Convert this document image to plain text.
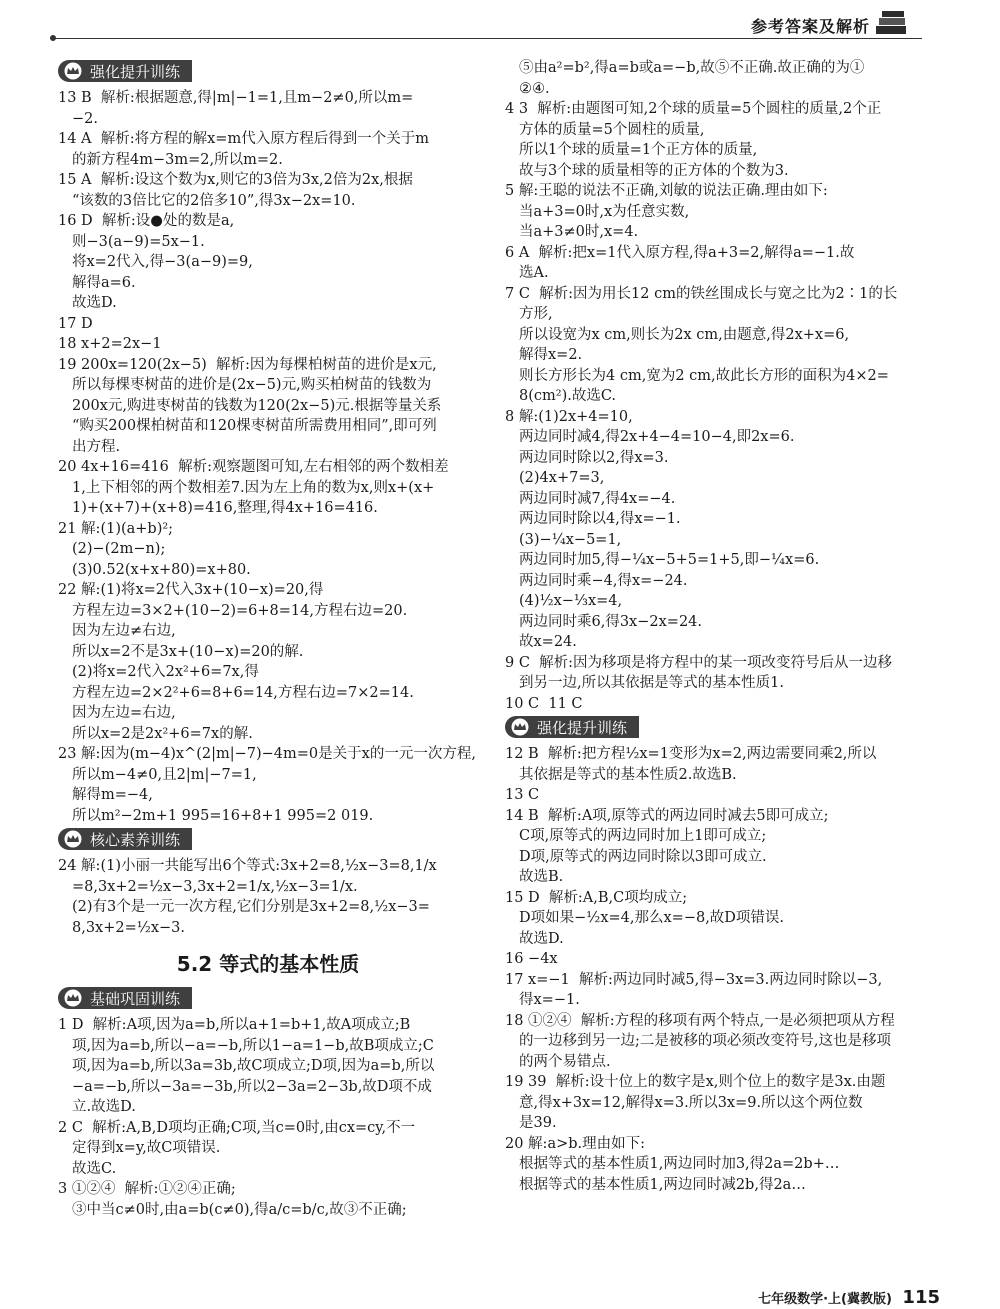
参考答案及解析
强化提升训练
13 B  解析:根据题意,得|m|−1=1,且m−2≠0,所以m=
−2.
14 A  解析:将方程的解x=m代入原方程后得到一个关于m
的新方程4m−3m=2,所以m=2.
15 A  解析:设这个数为x,则它的3倍为3x,2倍为2x,根据
“该数的3倍比它的2倍多10”,得3x−2x=10.
16 D  解析:设●处的数是a,
则−3(a−9)=5x−1.
将x=2代入,得−3(a−9)=9,
解得a=6.
故选D.
17 D
18 x+2=2x−1
19 200x=120(2x−5)  解析:因为每棵柏树苗的进价是x元,
所以每棵枣树苗的进价是(2x−5)元,购买柏树苗的钱数为
200x元,购进枣树苗的钱数为120(2x−5)元.根据等量关系
“购买200棵柏树苗和120棵枣树苗所需费用相同”,即可列
出方程.
20 4x+16=416  解析:观察题图可知,左右相邻的两个数相差
1,上下相邻的两个数相差7.因为左上角的数为x,则x+(x+
1)+(x+7)+(x+8)=416,整理,得4x+16=416.
21 解:(1)(a+b)²;
(2)−(2m−n);
(3)0.52(x+x+80)=x+80.
22 解:(1)将x=2代入3x+(10−x)=20,得
方程左边=3×2+(10−2)=6+8=14,方程右边=20.
因为左边≠右边,
所以x=2不是3x+(10−x)=20的解.
(2)将x=2代入2x²+6=7x,得
方程左边=2×2²+6=8+6=14,方程右边=7×2=14.
因为左边=右边,
所以x=2是2x²+6=7x的解.
23 解:因为(m−4)x^(2|m|−7)−4m=0是关于x的一元一次方程,
所以m−4≠0,且2|m|−7=1,
解得m=−4,
所以m²−2m+1 995=16+8+1 995=2 019.
核心素养训练
24 解:(1)小丽一共能写出6个等式:3x+2=8,½x−3=8,1/x
=8,3x+2=½x−3,3x+2=1/x,½x−3=1/x.
(2)有3个是一元一次方程,它们分别是3x+2=8,½x−3=
8,3x+2=½x−3.
5.2 等式的基本性质
基础巩固训练
1 D  解析:A项,因为a=b,所以a+1=b+1,故A项成立;B
项,因为a=b,所以−a=−b,所以1−a=1−b,故B项成立;C
项,因为a=b,所以3a=3b,故C项成立;D项,因为a=b,所以
−a=−b,所以−3a=−3b,所以2−3a=2−3b,故D项不成
立.故选D.
2 C  解析:A,B,D项均正确;C项,当c=0时,由cx=cy,不一
定得到x=y,故C项错误.
故选C.
3 ①②④  解析:①②④正确;
③中当c≠0时,由a=b(c≠0),得a/c=b/c,故③不正确;
⑤由a²=b²,得a=b或a=−b,故⑤不正确.故正确的为①
②④.
4 3  解析:由题图可知,2个球的质量=5个圆柱的质量,2个正
方体的质量=5个圆柱的质量,
所以1个球的质量=1个正方体的质量,
故与3个球的质量相等的正方体的个数为3.
5 解:王聪的说法不正确,刘敏的说法正确.理由如下:
当a+3=0时,x为任意实数,
当a+3≠0时,x=4.
6 A  解析:把x=1代入原方程,得a+3=2,解得a=−1.故
选A.
7 C  解析:因为用长12 cm的铁丝围成长与宽之比为2∶1的长
方形,
所以设宽为x cm,则长为2x cm,由题意,得2x+x=6,
解得x=2.
则长方形长为4 cm,宽为2 cm,故此长方形的面积为4×2=
8(cm²).故选C.
8 解:(1)2x+4=10,
两边同时减4,得2x+4−4=10−4,即2x=6.
两边同时除以2,得x=3.
(2)4x+7=3,
两边同时减7,得4x=−4.
两边同时除以4,得x=−1.
(3)−¼x−5=1,
两边同时加5,得−¼x−5+5=1+5,即−¼x=6.
两边同时乘−4,得x=−24.
(4)½x−⅓x=4,
两边同时乘6,得3x−2x=24.
故x=24.
9 C  解析:因为移项是将方程中的某一项改变符号后从一边移
到另一边,所以其依据是等式的基本性质1.
10 C  11 C
强化提升训练
12 B  解析:把方程½x=1变形为x=2,两边需要同乘2,所以
其依据是等式的基本性质2.故选B.
13 C
14 B  解析:A项,原等式的两边同时减去5即可成立;
C项,原等式的两边同时加上1即可成立;
D项,原等式的两边同时除以3即可成立.
故选B.
15 D  解析:A,B,C项均成立;
D项如果−½x=4,那么x=−8,故D项错误.
故选D.
16 −4x
17 x=−1  解析:两边同时减5,得−3x=3.两边同时除以−3,
得x=−1.
18 ①②④  解析:方程的移项有两个特点,一是必须把项从方程
的一边移到另一边;二是被移的项必须改变符号,这也是移项
的两个易错点.
19 39  解析:设十位上的数字是x,则个位上的数字是3x.由题
意,得x+3x=12,解得x=3.所以3x=9.所以这个两位数
是39.
20 解:a>b.理由如下:
根据等式的基本性质1,两边同时加3,得2a=2b+…
根据等式的基本性质1,两边同时减2b,得2a…
七年级数学·上(冀教版) 115
